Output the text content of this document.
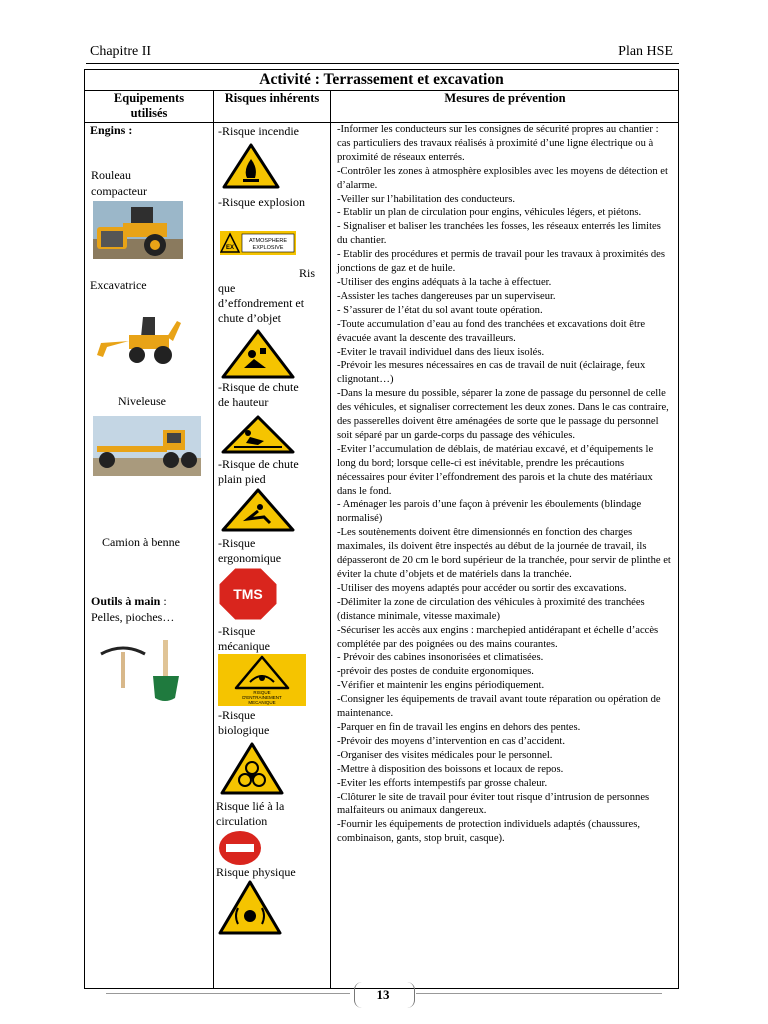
Chapitre II	Plan HSE
Activité : Terrassement et excavation
Equipements utilisés
Risques inhérents	Mesures de prévention
Engins :
Rouleau
compacteur
Excavatrice
Niveleuse
Camion à benne
Outils à main :
Pelles, pioches…
-Risque incendie
-Risque explosion
EX
ATMOSPHERE
EXPLOSIVE
Ris
que
d’effondrement et
chute d’objet
-Risque de chute
de hauteur
-Risque de chute
plain pied
-Risque
ergonomique
TMS
-Risque
mécanique
RISQUE
D'ENTRAINEMENT
MECANIQUE
-Risque
biologique
Risque lié à la
circulation
Risque physique
-Informer les conducteurs sur les consignes de sécurité propres au chantier : cas particuliers des travaux réalisés à proximité d’une ligne électrique ou à proximité de réseaux enterrés.
-Contrôler les zones à atmosphère explosibles avec les moyens de détection et d’alarme.
-Veiller sur l’habilitation des conducteurs.
- Etablir un plan de circulation pour engins, véhicules légers, et piétons.
- Signaliser et baliser les tranchées les fosses, les réseaux enterrés les limites du chantier.
- Etablir des procédures et permis de travail pour les travaux à proximités des jonctions de gaz et de huile.
-Utiliser des engins adéquats à la tache à effectuer.
-Assister les taches dangereuses par un superviseur.
- S’assurer de l’état du sol avant toute opération.
-Toute accumulation d’eau au fond des tranchées et excavations doit être évacuée avant la descente des travailleurs.
-Eviter le travail individuel dans des lieux isolés.
-Prévoir les mesures nécessaires en cas de travail de nuit (éclairage, feux clignotant…)
-Dans la mesure du possible, séparer la zone de passage du personnel de celle des véhicules, et signaliser correctement les deux zones. Dans le cas contraire, des passerelles doivent être aménagées de sorte que le passage du personnel soit séparé par un garde-corps du passage des véhicules.
-Eviter l’accumulation de déblais, de matériau excavé, et d’équipements le long du bord; lorsque celle-ci est inévitable, prendre les précautions nécessaires pour éviter l’effondrement des parois et la chute des matériaux dans le fond.
- Aménager les parois d’une façon à prévenir les éboulements (blindage normalisé)
-Les soutènements doivent être dimensionnés en fonction des charges maximales, ils doivent être inspectés au début de la journée de travail, ils dépasseront de 20 cm le bord supérieur de la tranchée, pour servir de plinthe et éviter la chute d’objets et de matériels dans la tranchée.
-Utiliser des moyens adaptés pour accéder ou sortir des excavations.
-Délimiter la zone de circulation des véhicules à proximité des tranchées (distance minimale, vitesse maximale)
-Sécuriser les accès aux engins : marchepied antidérapant et échelle d’accès complétée par des poignées ou des mains courantes.
- Prévoir des cabines insonorisées et climatisées.
-prévoir des postes de conduite ergonomiques.
-Vérifier et maintenir les engins périodiquement.
-Consigner les équipements de travail avant toute réparation ou opération de maintenance.
-Parquer en fin de travail les engins en dehors des pentes.
-Prévoir des moyens d’intervention en cas d’accident.
-Organiser des visites médicales pour le personnel.
-Mettre à disposition des boissons et locaux de repos.
-Eviter les efforts intempestifs par grosse chaleur.
-Clôturer le site de travail pour éviter tout risque d’intrusion de personnes malfaiteurs ou animaux dangereux.
-Fournir les équipements de protection individuels adaptés (chaussures, combinaison, gants, stop bruit, casque).
13
